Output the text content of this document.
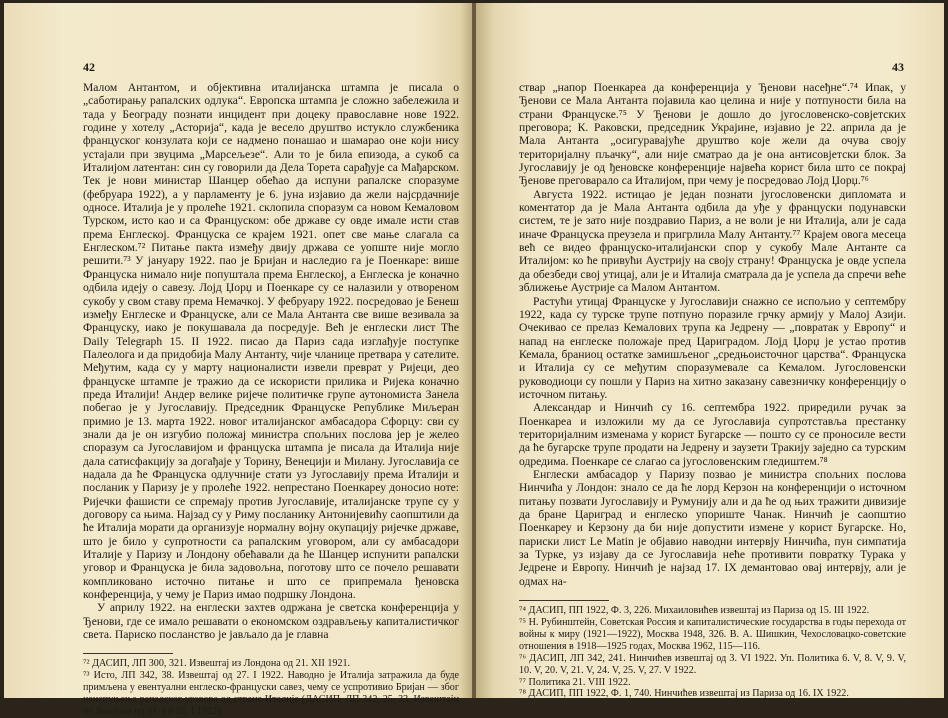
42

Малом Антантом, и објективна италијанска штампа је писала о „саботирању рапалских одлука“. Европска штампа је сложно забележила и тада у Београду познати инцидент при доцеку православне нове 1922. године у хотелу „Асторија“, када је весело друштво истукло службеника француског конзулата који се надмено понашао и шамарао оне који нису устајали при звуцима „Марсељезе“. Али то је била епизода, а сукоб са Италијом латентан: син су говорили да Дела Торета сарађује са Мађарском. Тек је нови министар Шанцер обећао да испуни рапалске споразуме (фебруара 1922), а у парламенту је 6. јуна изјавио да жели најсрдачније односе. Италија је у пролеће 1921. склопила споразум са новом Кемаловом Турском, исто као и са Француском: обе државе су овде имале исти став према Енглеској. Француска се крајем 1921. опет све мање слагала са Енглеском.⁷² Питање пакта између двију држава се уопште није могло решити.⁷³ У јануару 1922. пао је Бријан и наследио га је Поенкаре: више Француска нимало није попуштала према Енглеској, а Енглеска је коначно одбила идеју о савезу. Лојд Џорџ и Поенкаре су се налазили у отвореном сукобу у свом ставу према Немачкој. У фебруару 1922. посредовао је Бенеш између Енглеске и Француске, али се Мала Антанта све више везивала за Француску, иако је покушавала да посредује. Већ је енглески лист The Daily Telegraph 15. II 1922. писао да Париз сада изглађује поступке Палеолога и да придобија Малу Антанту, чије чланице претвара у сателите. Међутим, када су у марту националисти извели преврат у Ријеци, део француске штампе је тражио да се искористи прилика и Ријека коначно преда Италији! Андер велике ријече политичке групе аутономиста Занела побегао је у Југославију. Председник Француске Републике Миљеран примио је 13. марта 1922. новог италијанског амбасадора Сфорцу: сви су знали да је он изгубио положај министра спољних послова јер је желео споразум са Југославијом и француска штампа је писала да Италија није дала сатисфакцију за догађаје у Торину, Венецији и Милану. Југославија се надала да ће Француска одлучније стати уз Југославију према Италији и посланик у Паризу је у пролеће 1922. непрестано Поенкареу доносио ноте: Ријечки фашисти се спремају против Југославије, италијанске трупе су у договору са њима. Најзад су у Риму посланику Антонијевићу саопштили да ће Италија морати да организује нормалну војну окупацију ријечке државе, што је било у супротности са рапалским уговором, али су амбасадори Италије у Паризу и Лондону обећавали да ће Шанцер испунити рапалски уговор и Француска је била задовољна, поготову што се почело решавати компликовано источно питање и што се припремала ђеновска конференција, у чему је Париз имао подршку Лондона.

У априлу 1922. на енглески захтев одржана је светска конференција у Ђенови, где се имало решавати о економском оздрављењу капиталистичког света. Париско посланство је јављало да је главна

⁷² ДАСИП, ЛП 300, 321. Извештај из Лондона од 21. XII 1921.

⁷³ Исто, ЛП 342, 38. Извештај од 27. I 1922. Наводно је Италија затражила да буде примљена у евентуални енглеско-француски савез, чему се успротивио Бријан — због неиспуњења рапалског уговора од стране Италије (ДАСИП, ЛП 342, 25, 33. Извештаји из Лондона од 21. I и 25. I 1922).

43

ствар „напор Поенкареа да конференција у Ђенови насеђне“.⁷⁴ Ипак, у Ђенови се Мала Антанта појавила као целина и није у потпуности била на страни Француске.⁷⁵ У Ђенови је дошло до југословенско-совјетских преговора; К. Раковски, председник Украјине, изјавио је 22. априла да је Мала Антанта „осигураваjуће друштво које жели да очува своју територијалну пљачку“, али није сматрао да је она антисовјетски блок. За Југославију је од ђеновске конференције највећа корист била што се покрај Ђенове преговарало са Италијом, при чему је посредовао Лојд Џорџ.⁷⁶

Августа 1922. истицао је један познати југословенски дипломата и коментатор да је Мала Антанта одбила да уђе у француски подунавски систем, те је зато није поздравио Париз, а не воли је ни Италија, али је сада иначе Француска преузела и пригрлила Малу Антанту.⁷⁷ Крајем овога месеца већ се видео француско-италијански спор у сукобу Мале Антанте са Италијом: ко ће привући Аустрију на своју страну! Француска је овде успела да обезбеди свој утицај, али је и Италија сматрала да је успела да спречи веће зближење Аустрије са Малом Антантом.

Растући утицај Француске у Југославији снажно се испољио у септембру 1922, када су турске трупе потпуно поразиле грчку армију у Малој Азији. Очекивао се прелаз Кемалових трупа ка Једрену — „повратак у Европу“ и напад на енглеске положаје пред Цариградом. Лојд Џорџ је устао против Кемала, браниоц остатке замишљеног „средњоисточног царства“. Француска и Италија су се међутим споразумевале са Кемалом. Југословенски руководиоци су пошли у Париз на хитно заказану савезничку конференцију о источном питању.

Александар и Нинчић су 16. септембра 1922. приредили ручак за Поенкареа и изложили му да се Југославија супротставља престанку територијалним изменама у корист Бугарске — пошто су се проносиле вести да ће бугарске трупе продати на Једрену и заузети Тракију заједно са турским одредима. Поенкаре се слагао са југословенским гледиштем.⁷⁸

Енглески амбасадор у Паризу позвао је министра спољних послова Нинчића у Лондон: знало се да ће лорд Керзон на конференцији о источном питању позвати Југославију и Румунију али и да ће од њих тражити дивизије да бране Цариград и енглеско упориште Чанак. Нинчић је саопштио Поенкареу и Керзону да би није допустити измене у корист Бугарске. Но, париски лист Le Matin је објавио наводни интервју Нинчића, пун симпатија за Турке, уз изјаву да се Југославија неће противити повратку Турака у Једрене и Европу. Нинчић је најзад 17. IX демантовао овај интервју, али је одмах на-

⁷⁴ ДАСИП, ПП 1922, Ф. 3, 226. Михаиловићев извештај из Париза од 15. III 1922.

⁷⁵ Н. Рубинштейн, Советская Россия и капиталистические государства в годы перехода от войны к миру (1921—1922), Москва 1948, 326. В. А. Шишкин, Чехословацко-советские отношения в 1918—1925 годах, Москва 1962, 115—116.

⁷⁶ ДАСИП, ЛП 342, 241. Нинчићев извештај од 3. VI 1922. Уп. Политика 6. V, 8. V, 9. V, 10. V, 20. V, 21. V, 24. V, 25. V, 27. V 1922.

⁷⁷ Политика 21. VIII 1922.

⁷⁸ ДАСИП, ПП 1922, Ф. 1, 740. Нинчићев извештај из Париза од 16. IX 1922.
